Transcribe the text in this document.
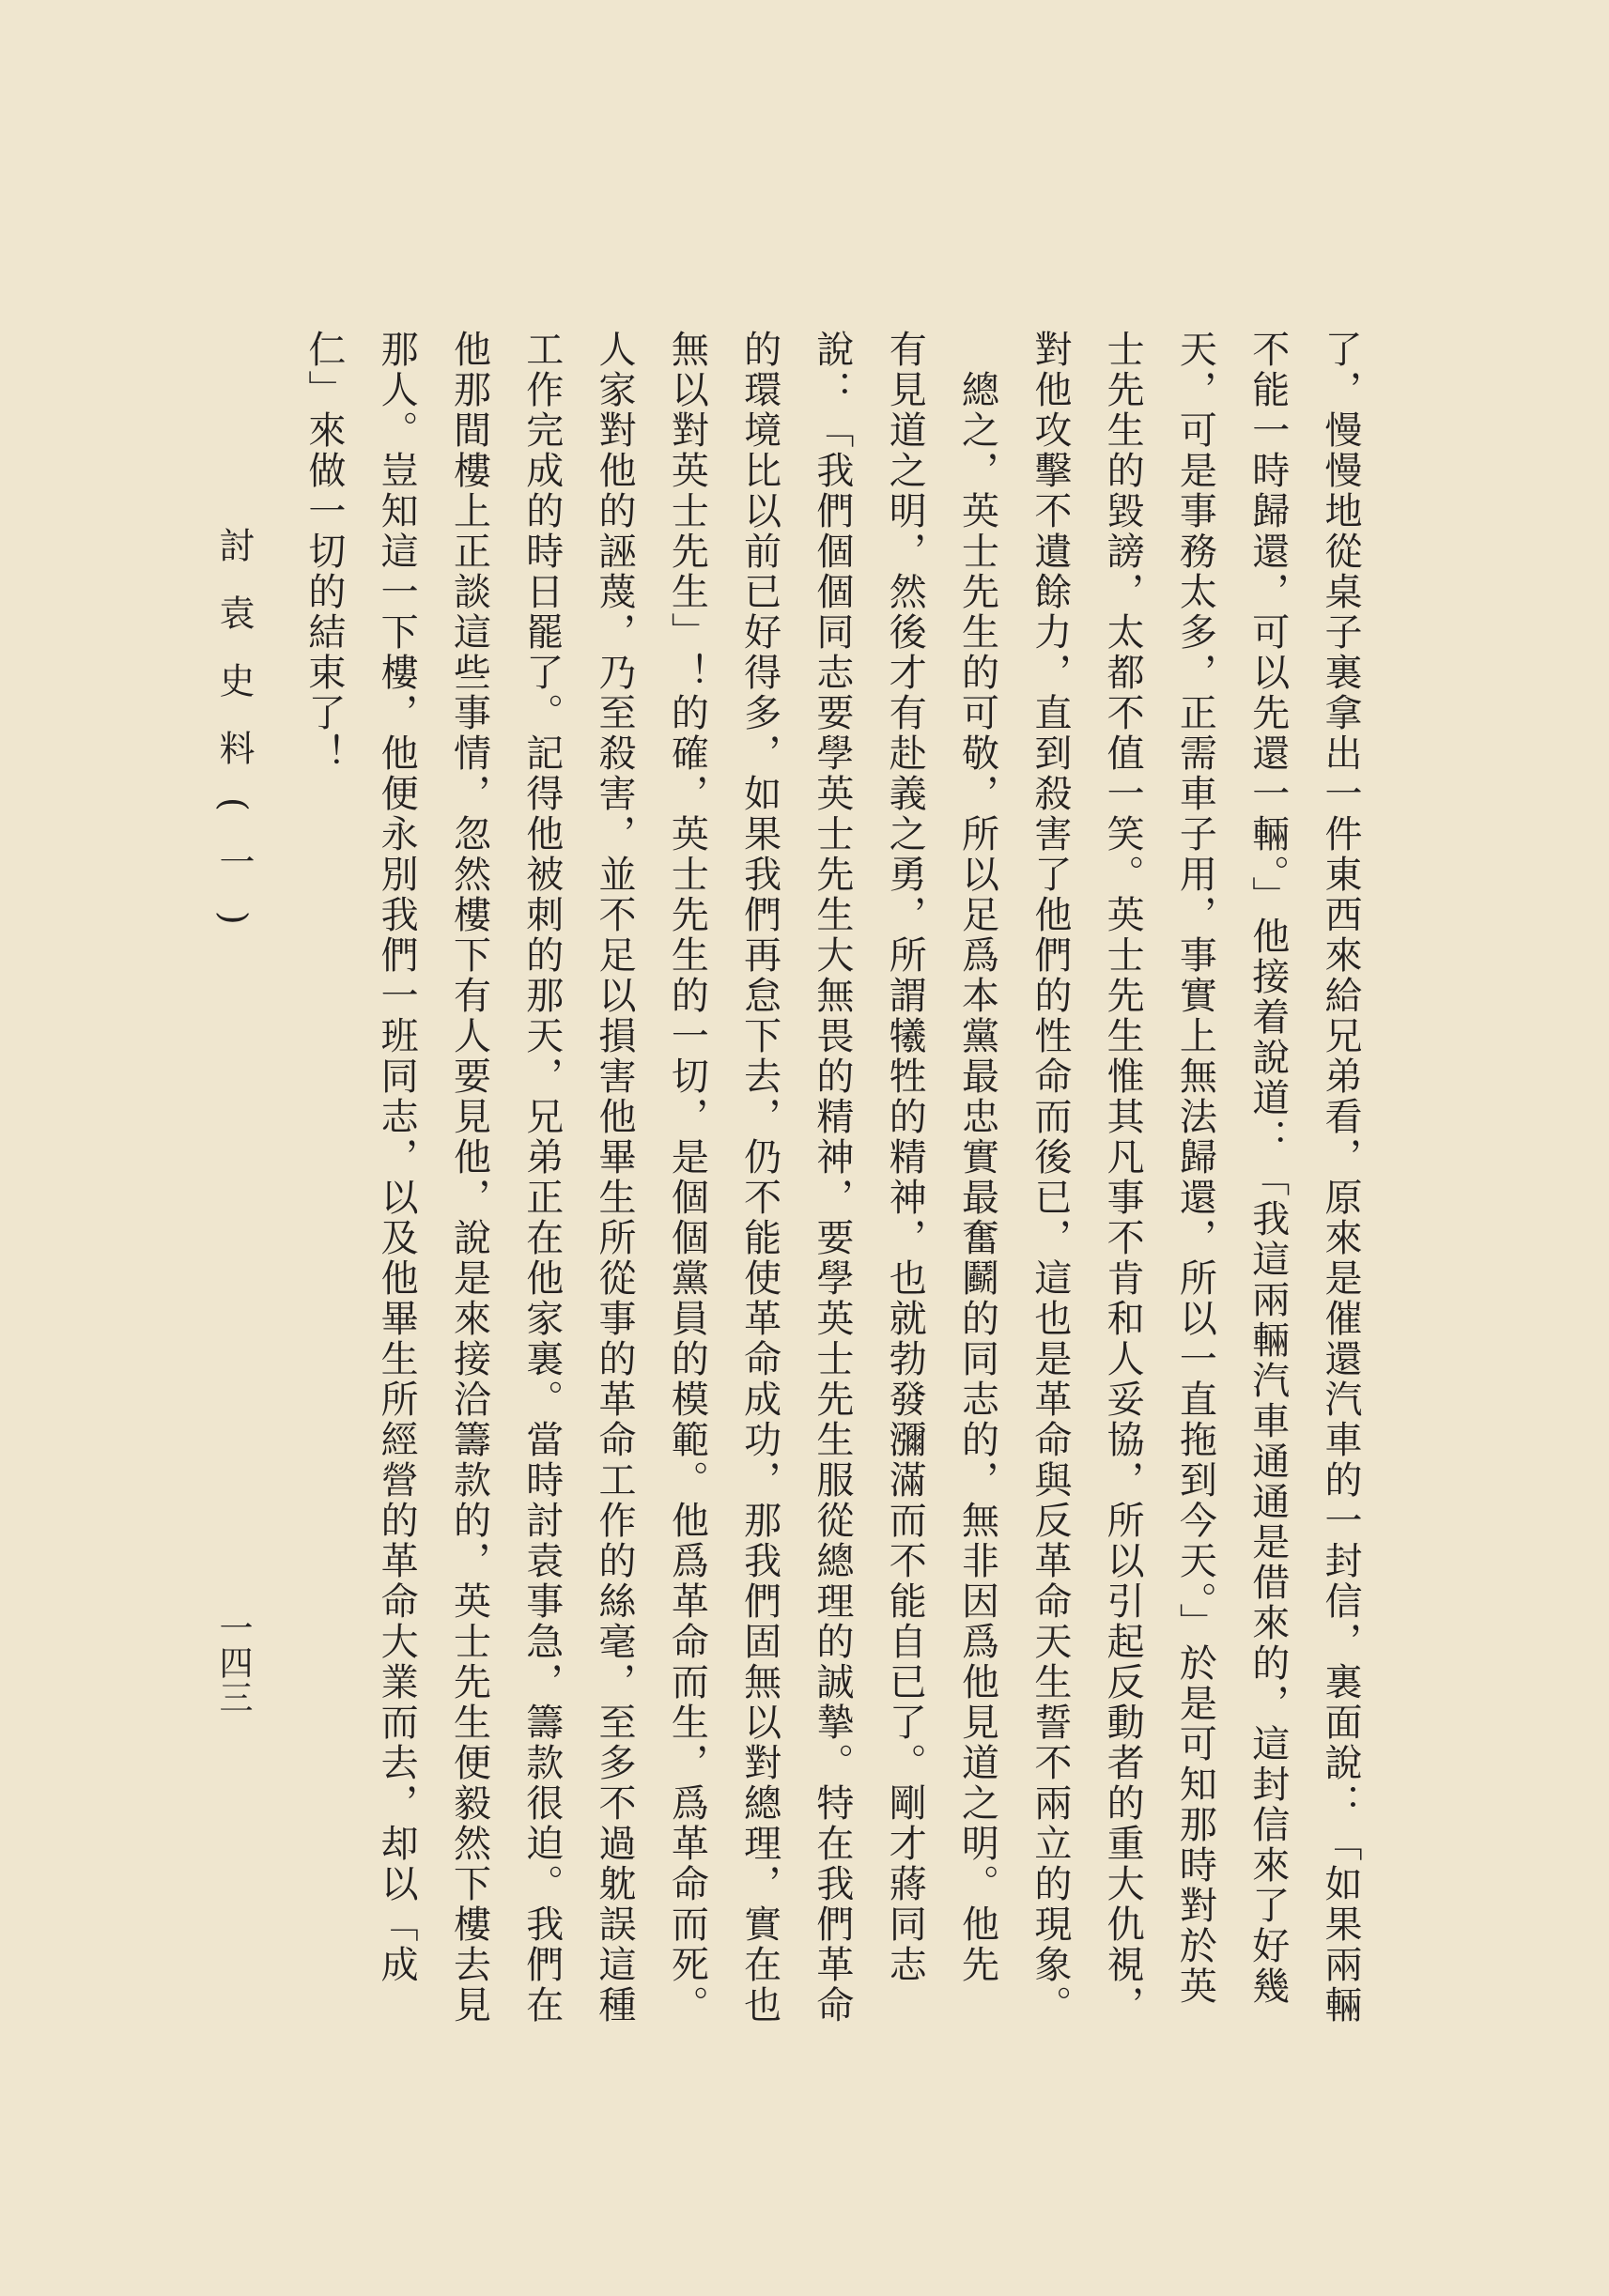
了，慢慢地從桌子裏拿出一件東西來給兄弟看，原來是催還汽車的一封信，裏面說：「如果兩輛
不能一時歸還，可以先還一輛。」他接着說道：「我這兩輛汽車通通是借來的，這封信來了好幾
天，可是事務太多，正需車子用，事實上無法歸還，所以一直拖到今天。」於是可知那時對於英
士先生的毀謗，太都不值一笑。英士先生惟其凡事不肯和人妥協，所以引起反動者的重大仇視，
對他攻擊不遺餘力，直到殺害了他們的性命而後已，這也是革命與反革命天生誓不兩立的現象。
總之，英士先生的可敬，所以足爲本黨最忠實最奮鬬的同志的，無非因爲他見道之明。他先
有見道之明，然後才有赴義之勇，所謂犧牲的精神，也就勃發瀰滿而不能自已了。剛才蔣同志
說：「我們個個同志要學英士先生大無畏的精神，要學英士先生服從總理的誠摯。特在我們革命
的環境比以前已好得多，如果我們再怠下去，仍不能使革命成功，那我們固無以對總理，實在也
無以對英士先生」！的確，英士先生的一切，是個個黨員的模範。他爲革命而生，爲革命而死。
人家對他的誣蔑，乃至殺害，並不足以損害他畢生所從事的革命工作的絲毫，至多不過躭誤這種
工作完成的時日罷了。記得他被刺的那天，兄弟正在他家裏。當時討袁事急，籌款很迫。我們在
他那間樓上正談這些事情，忽然樓下有人要見他，說是來接洽籌款的，英士先生便毅然下樓去見
那人。豈知這一下樓，他便永別我們一班同志，以及他畢生所經營的革命大業而去，却以「成
仁」來做一切的結束了！
討袁史料(一)
一四三
